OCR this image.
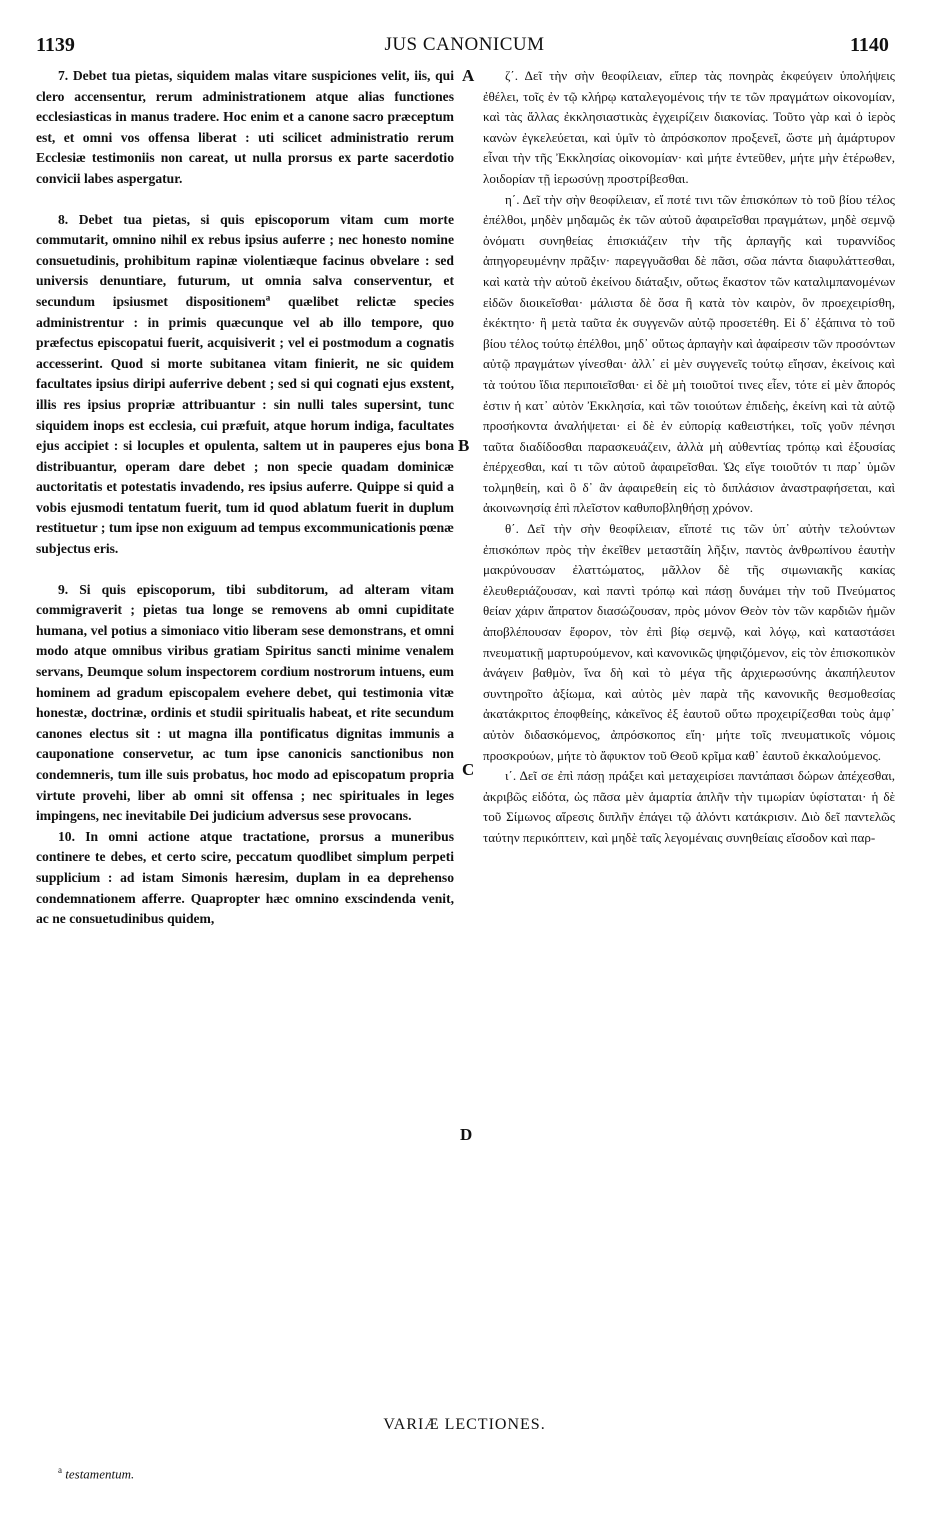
1139	JUS CANONICUM	1140

7. Debet tua pietas, siquidem malas vitare suspiciones velit, iis, qui clero accensentur, rerum administrationem atque alias functiones ecclesiasticas in manus tradere. Hoc enim et a canone sacro præceptum est, et omni vos offensa liberat : uti scilicet administratio rerum Ecclesiæ testimoniis non careat, ut nulla prorsus ex parte sacerdotio convicii labes aspergatur.

8. Debet tua pietas, si quis episcoporum vitam cum morte commutarit, omnino nihil ex rebus ipsius auferre ; nec honesto nomine consuetudinis, prohibitum rapinæ violentiæque facinus obvelare : sed universis denuntiare, futurum, ut omnia salva conserventur, et secundum ipsiusmet dispositionem$^a$ quælibet relictæ species administrentur : in primis quæcunque vel ab illo tempore, quo præfectus episcopatui fuerit, acquisiverit ; vel ei postmodum a cognatis accesserint. Quod si morte subitanea vitam finierit, ne sic quidem facultates ipsius diripi auferrive debent ; sed si qui cognati ejus exstent, illis res ipsius propriæ attribuantur : sin nulli tales supersint, tunc siquidem inops est ecclesia, cui præfuit, atque horum indiga, facultates ejus accipiet : si locuples et opulenta, saltem ut in pauperes ejus bona distribuantur, operam dare debet ; non specie quadam dominicæ auctoritatis et potestatis invadendo, res ipsius auferre. Quippe si quid a vobis ejusmodi tentatum fuerit, tum id quod ablatum fuerit in duplum restituetur ; tum ipse non exiguum ad tempus excommunicationis pœnæ subjectus eris.

9. Si quis episcoporum, tibi subditorum, ad alteram vitam commigraverit ; pietas tua longe se removens ab omni cupiditate humana, vel potius a simoniaco vitio liberam sese demonstrans, et omni modo atque omnibus viribus gratiam Spiritus sancti minime venalem servans, Deumque solum inspectorem cordium nostrorum intuens, eum hominem ad gradum episcopalem evehere debet, qui testimonia vitæ honestæ, doctrinæ, ordinis et studii spiritualis habeat, et rite secundum canones electus sit : ut magna illa pontificatus dignitas immunis a cauponatione conservetur, ac tum ipse canonicis sanctionibus non condemneris, tum ille suis probatus, hoc modo ad episcopatum propria virtute provehi, liber ab omni sit offensa ; nec spirituales in leges impingens, nec inevitabile Dei judicium adversus sese provocans.

10. In omni actione atque tractatione, prorsus a muneribus continere te debes, et certo scire, peccatum quodlibet simplum perpeti supplicium : ad istam Simonis hæresim, duplam in ea deprehenso condemnationem afferre. Quapropter hæc omnino exscindenda venit, ac ne consuetudinibus quidem,

A
B
C
D

ζ΄. Δεῖ τὴν σὴν θεοφίλειαν, εἴπερ τὰς πονηρὰς ἐκφεύγειν ὑπολήψεις ἐθέλει, τοῖς ἐν τῷ κλήρῳ καταλεγομένοις τήν τε τῶν πραγμάτων οἰκονομίαν, καὶ τὰς ἄλλας ἐκκλησιαστικὰς ἐγχειρίζειν διακονίας. Τοῦτο γὰρ καὶ ὁ ἱερὸς κανὼν ἐγκελεύεται, καὶ ὑμῖν τὸ ἀπρόσκοπον προξενεῖ, ὥστε μὴ ἀμάρτυρον εἶναι τὴν τῆς Ἐκκλησίας οἰκονομίαν· καὶ μήτε ἐντεῦθεν, μήτε μὴν ἑτέρωθεν, λοιδορίαν τῇ ἱερωσύνῃ προστρίβεσθαι.

η΄. Δεῖ τὴν σὴν θεοφίλειαν, εἴ ποτέ τινι τῶν ἐπισκόπων τὸ τοῦ βίου τέλος ἐπέλθοι, μηδὲν μηδαμῶς ἐκ τῶν αὐτοῦ ἀφαιρεῖσθαι πραγμάτων, μηδὲ σεμνῷ ὀνόματι συνηθείας ἐπισκιάζειν τὴν τῆς ἁρπαγῆς καὶ τυραννίδος ἀπηγορευμένην πρᾶξιν· παρεγγυᾶσθαι δὲ πᾶσι, σῶα πάντα διαφυλάττεσθαι, καὶ κατὰ τὴν αὐτοῦ ἐκείνου διάταξιν, οὕτως ἕκαστον τῶν καταλιμπανομένων εἰδῶν διοικεῖσθαι· μάλιστα δὲ ὅσα ἢ κατὰ τὸν καιρὸν, ὃν προεχειρίσθη, ἐκέκτητο· ἢ μετὰ ταῦτα ἐκ συγγενῶν αὐτῷ προσετέθη. Εἰ δ᾿ ἐξάπινα τὸ τοῦ βίου τέλος τούτῳ ἐπέλθοι, μηδ᾿ οὕτως ἁρπαγὴν καὶ ἀφαίρεσιν τῶν προσόντων αὐτῷ πραγμάτων γίνεσθαι· ἀλλ᾿ εἰ μὲν συγγενεῖς τούτῳ εἴησαν, ἐκείνοις καὶ τὰ τούτου ἴδια περιποιεῖσθαι· εἰ δὲ μὴ τοιοῦτοί τινες εἶεν, τότε εἰ μὲν ἄπορός ἐστιν ἡ κατ᾿ αὐτὸν Ἐκκλησία, καὶ τῶν τοιούτων ἐπιδεὴς, ἐκείνη καὶ τὰ αὐτῷ προσήκοντα ἀναλήψεται· εἰ δὲ ἐν εὐπορίᾳ καθειστήκει, τοῖς γοῦν πένησι ταῦτα διαδίδοσθαι παρασκευάζειν, ἀλλὰ μὴ αὐθεντίας τρόπῳ καὶ ἐξουσίας ἐπέρχεσθαι, καί τι τῶν αὐτοῦ ἀφαιρεῖσθαι. Ὡς εἴγε τοιοῦτόν τι παρ᾿ ὑμῶν τολμηθείη, καὶ ὃ δ᾿ ἂν ἀφαιρεθείη εἰς τὸ διπλάσιον ἀναστραφήσεται, καὶ ἀκοινωνησίᾳ ἐπὶ πλεῖστον καθυποβληθήσῃ χρόνον.

θ΄. Δεῖ τὴν σὴν θεοφίλειαν, εἴποτέ τις τῶν ὑπ᾿ αὐτὴν τελούντων ἐπισκόπων πρὸς τὴν ἐκεῖθεν μεταστᾶίη λῆξιν, παντὸς ἀνθρωπίνου ἑαυτὴν μακρύνουσαν ἐλαττώματος, μᾶλλον δὲ τῆς σιμωνιακῆς κακίας ἐλευθεριάζουσαν, καὶ παντὶ τρόπῳ καὶ πάσῃ δυνάμει τὴν τοῦ Πνεύματος θείαν χάριν ἄπρατον διασώζουσαν, πρὸς μόνον Θεὸν τὸν τῶν καρδιῶν ἡμῶν ἀποβλέπουσαν ἔφορον, τὸν ἐπὶ βίῳ σεμνῷ, καὶ λόγῳ, καὶ καταστάσει πνευματικῇ μαρτυρούμενον, καὶ κανονικῶς ψηφιζόμενον, εἰς τὸν ἐπισκοπικὸν ἀνάγειν βαθμὸν, ἵνα δὴ καὶ τὸ μέγα τῆς ἀρχιερωσύνης ἀκαπήλευτον συντηροῖτο ἀξίωμα, καὶ αὐτὸς μὲν παρὰ τῆς κανονικῆς θεσμοθεσίας ἀκατάκριτος ἐποφθείης, κἀκεῖνος ἐξ ἑαυτοῦ οὕτω προχειρίζεσθαι τοὺς ἀμφ᾿ αὐτὸν διδασκόμενος, ἀπρόσκοπος εἴη· μήτε τοῖς πνευματικοῖς νόμοις προσκρούων, μήτε τὸ ἄφυκτον τοῦ Θεοῦ κρῖμα καθ᾿ ἑαυτοῦ ἐκκαλούμενος.

ι΄. Δεῖ σε ἐπὶ πάσῃ πράξει καὶ μεταχειρίσει παντάπασι δώρων ἀπέχεσθαι, ἀκριβῶς εἰδότα, ὡς πᾶσα μὲν ἁμαρτία ἁπλῆν τὴν τιμωρίαν ὑφίσταται· ἡ δὲ τοῦ Σίμωνος αἵρεσις διπλῆν ἐπάγει τῷ ἁλόντι κατάκρισιν. Διὸ δεῖ παντελῶς ταύτην περικόπτειν, καὶ μηδὲ ταῖς λεγομέναις συνηθείαις εἴσοδον καὶ παρ-

VARIÆ LECTIONES.
$^a$ testamentum.
